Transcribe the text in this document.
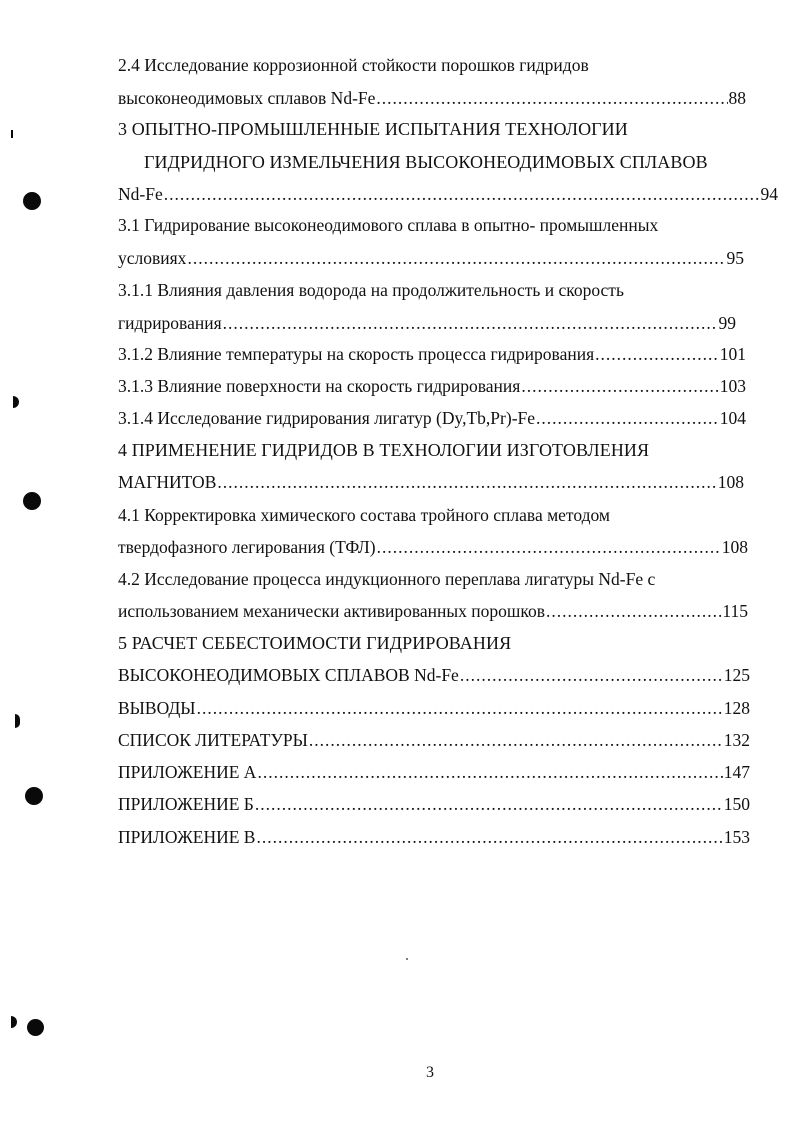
2.4 Исследование коррозионной стойкости порошков гидридов
высоконеодимовых сплавов Nd-Fe .....	88
3 ОПЫТНО-ПРОМЫШЛЕННЫЕ ИСПЫТАНИЯ ТЕХНОЛОГИИ
ГИДРИДНОГО ИЗМЕЛЬЧЕНИЯ ВЫСОКОНЕОДИМОВЫХ СПЛАВОВ
Nd-Fe .....	94
3.1 Гидрирование высоконеодимового сплава в опытно- промышленных
условиях .....	95
3.1.1 Влияния давления водорода на продолжительность и скорость
гидрирования .....	99
3.1.2 Влияние температуры на скорость процесса гидрирования .....	101
3.1.3 Влияние поверхности на скорость гидрирования .....	103
3.1.4 Исследование гидрирования лигатур (Dy,Tb,Pr)-Fe .....	104
4 ПРИМЕНЕНИЕ ГИДРИДОВ В ТЕХНОЛОГИИ ИЗГОТОВЛЕНИЯ
МАГНИТОВ .....	108
4.1 Корректировка химического состава тройного сплава методом
твердофазного легирования (ТФЛ) .....	108
4.2 Исследование процесса индукционного переплава лигатуры Nd-Fe с
использованием механически активированных порошков .....	115
5 РАСЧЕТ СЕБЕСТОИМОСТИ ГИДРИРОВАНИЯ
ВЫСОКОНЕОДИМОВЫХ СПЛАВОВ Nd-Fe .....	125
ВЫВОДЫ .....	128
СПИСОК ЛИТЕРАТУРЫ .....	132
ПРИЛОЖЕНИЕ А .....	147
ПРИЛОЖЕНИЕ Б .....	150
ПРИЛОЖЕНИЕ В .....	153
3
